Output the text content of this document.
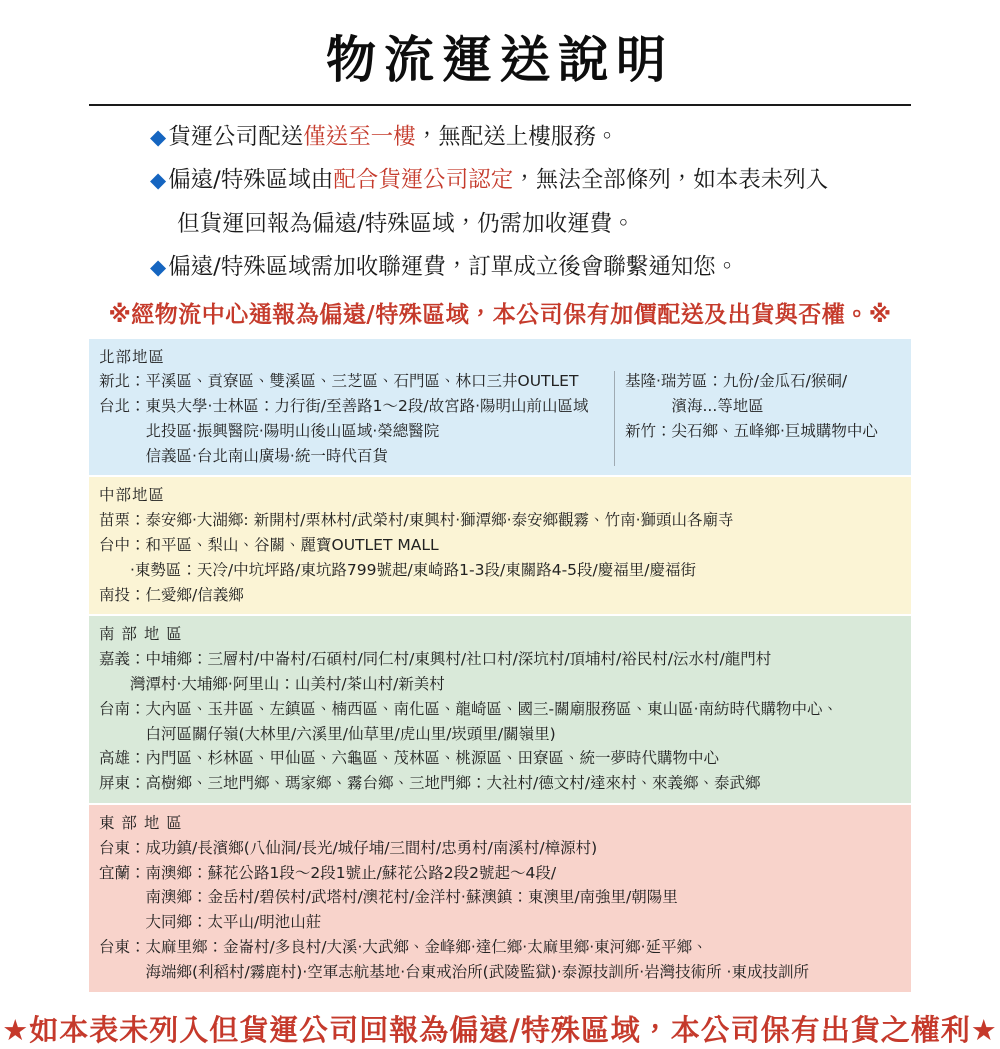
物流運送說明
◆貨運公司配送僅送至一樓，無配送上樓服務。
◆偏遠/特殊區域由配合貨運公司認定，無法全部條列，如本表未列入
但貨運回報為偏遠/特殊區域，仍需加收運費。
◆偏遠/特殊區域需加收聯運費，訂單成立後會聯繫通知您。
※經物流中心通報為偏遠/特殊區域，本公司保有加價配送及出貨與否權。※
北部地區
新北：平溪區、貢寮區、雙溪區、三芝區、石門區、林口三井OUTLET
台北：東吳大學·士林區：力行街/至善路1～2段/故宮路·陽明山前山區域
北投區·振興醫院·陽明山後山區域·榮總醫院
信義區·台北南山廣場·統一時代百貨
基隆·瑞芳區：九份/金瓜石/猴硐/
濱海...等地區
新竹：尖石鄉、五峰鄉·巨城購物中心
中部地區
苗栗：泰安鄉·大湖鄉: 新開村/栗林村/武榮村/東興村·獅潭鄉·泰安鄉觀霧、竹南·獅頭山各廟寺
台中：和平區、梨山、谷關、麗寶OUTLET MALL
·東勢區：天冷/中坑坪路/東坑路799號起/東崎路1-3段/東關路4-5段/慶福里/慶福街
南投：仁愛鄉/信義鄉
南 部 地 區
嘉義：中埔鄉：三層村/中崙村/石碩村/同仁村/東興村/社口村/深坑村/頂埔村/裕民村/沄水村/龍門村
灣潭村·大埔鄉·阿里山：山美村/茶山村/新美村
台南：大內區、玉井區、左鎮區、楠西區、南化區、龍崎區、國三-關廟服務區、東山區·南紡時代購物中心、
白河區關仔嶺(大林里/六溪里/仙草里/虎山里/崁頭里/關嶺里)
高雄：內門區、杉林區、甲仙區、六龜區、茂林區、桃源區、田寮區、統一夢時代購物中心
屏東：高樹鄉、三地門鄉、瑪家鄉、霧台鄉、三地門鄉：大社村/德文村/達來村、來義鄉、泰武鄉
東 部 地 區
台東：成功鎮/長濱鄉(八仙洞/長光/城仔埔/三間村/忠勇村/南溪村/樟源村)
宜蘭：南澳鄉：蘇花公路1段～2段1號止/蘇花公路2段2號起～4段/
南澳鄉：金岳村/碧侯村/武塔村/澳花村/金洋村·蘇澳鎮：東澳里/南強里/朝陽里
大同鄉：太平山/明池山莊
台東：太麻里鄉：金崙村/多良村/大溪·大武鄉、金峰鄉·達仁鄉·太麻里鄉·東河鄉·延平鄉、
海端鄉(利稻村/霧鹿村)·空軍志航基地·台東戒治所(武陵監獄)·泰源技訓所·岩灣技術所 ·東成技訓所
★如本表未列入但貨運公司回報為偏遠/特殊區域，本公司保有出貨之權利★
